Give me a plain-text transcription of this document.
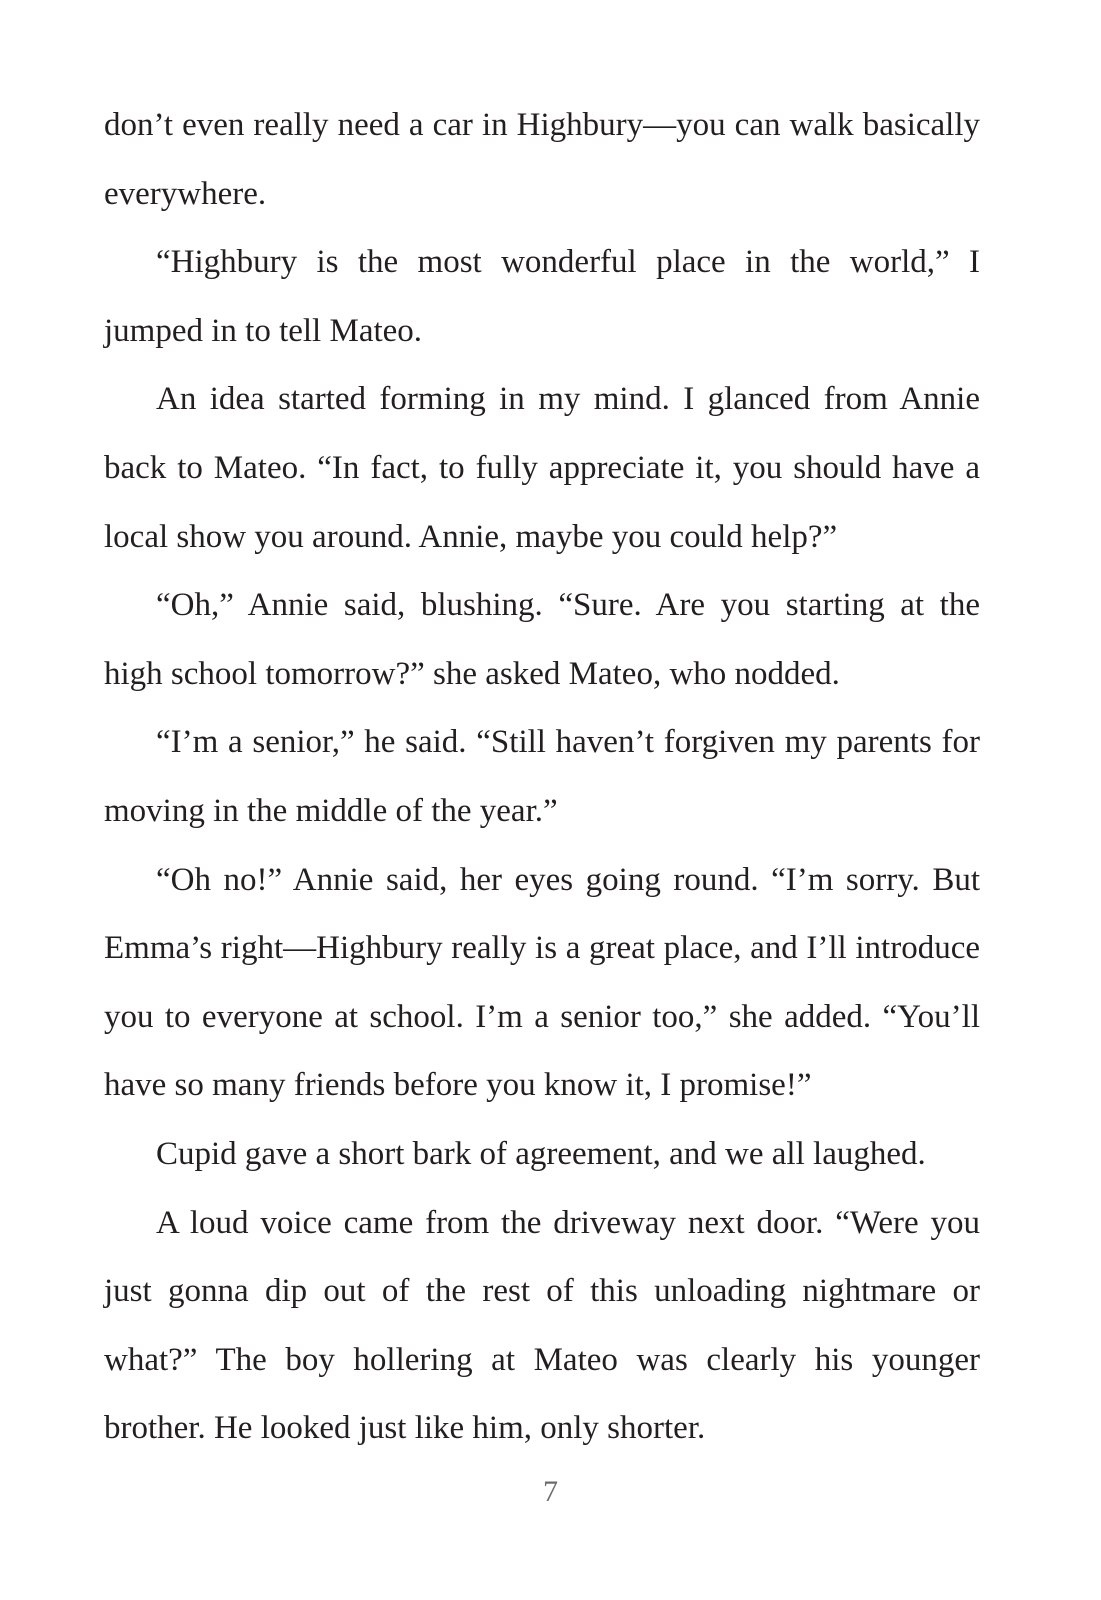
don’t even really need a car in Highbury—you can walk basically everywhere.

“Highbury is the most wonderful place in the world,” I jumped in to tell Mateo.

An idea started forming in my mind. I glanced from Annie back to Mateo. “In fact, to fully appreciate it, you should have a local show you around. Annie, maybe you could help?”

“Oh,” Annie said, blushing. “Sure. Are you starting at the high school tomorrow?” she asked Mateo, who nodded.

“I’m a senior,” he said. “Still haven’t forgiven my parents for moving in the middle of the year.”

“Oh no!” Annie said, her eyes going round. “I’m sorry. But Emma’s right—Highbury really is a great place, and I’ll introduce you to everyone at school. I’m a senior too,” she added. “You’ll have so many friends before you know it, I promise!”

Cupid gave a short bark of agreement, and we all laughed.

A loud voice came from the driveway next door. “Were you just gonna dip out of the rest of this unloading nightmare or what?” The boy hollering at Mateo was clearly his younger brother. He looked just like him, only shorter.

7
